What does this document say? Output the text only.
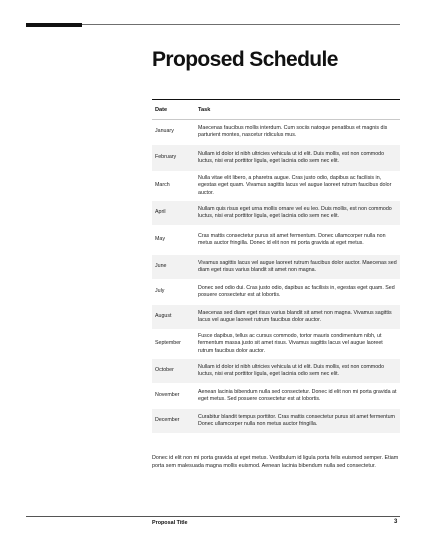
Proposed Schedule
Date	Task
January
Maecenas faucibus mollis interdum. Cum sociis natoque penatibus et magnis dis parturient montes, nascetur ridiculus mus.
February
Nullam id dolor id nibh ultricies vehicula ut id elit. Duis mollis, est non commodo luctus, nisi erat porttitor ligula, eget lacinia odio sem nec elit.
March
Nulla vitae elit libero, a pharetra augue. Cras justo odio, dapibus ac facilisis in, egestas eget quam. Vivamus sagittis lacus vel augue laoreet rutrum faucibus dolor auctor.
April
Nullam quis risus eget urna mollis ornare vel eu leo. Duis mollis, est non commodo luctus, nisi erat porttitor ligula, eget lacinia odio sem nec elit.
May
Cras mattis consectetur purus sit amet fermentum. Donec ullamcorper nulla non metus auctor fringilla. Donec id elit non mi porta gravida at eget metus.
June
Vivamus sagittis lacus vel augue laoreet rutrum faucibus dolor auctor. Maecenas sed diam eget risus varius blandit sit amet non magna.
July
Donec sed odio dui. Cras justo odio, dapibus ac facilisis in, egestas eget quam. Sed posuere consectetur est at lobortis.
August
Maecenas sed diam eget risus varius blandit sit amet non magna. Vivamus sagittis lacus vel augue laoreet rutrum faucibus dolor auctor.
September
Fusce dapibus, tellus ac cursus commodo, tortor mauris condimentum nibh, ut fermentum massa justo sit amet risus. Vivamus sagittis lacus vel augue laoreet rutrum faucibus dolor auctor.
October
Nullam id dolor id nibh ultricies vehicula ut id elit. Duis mollis, est non commodo luctus, nisi erat porttitor ligula, eget lacinia odio sem nec elit.
November
Aenean lacinia bibendum nulla sed consectetur. Donec id elit non mi porta gravida at eget metus. Sed posuere consectetur est at lobortis.
December
Curabitur blandit tempus porttitor. Cras mattis consectetur purus sit amet fermentum Donec ullamcorper nulla non metus auctor fringilla.

Donec id elit non mi porta gravida at eget metus. Vestibulum id ligula porta felis euismod semper. Etiam porta sem malesuada magna mollis euismod. Aenean lacinia bibendum nulla sed consectetur.

Proposal Title	3
